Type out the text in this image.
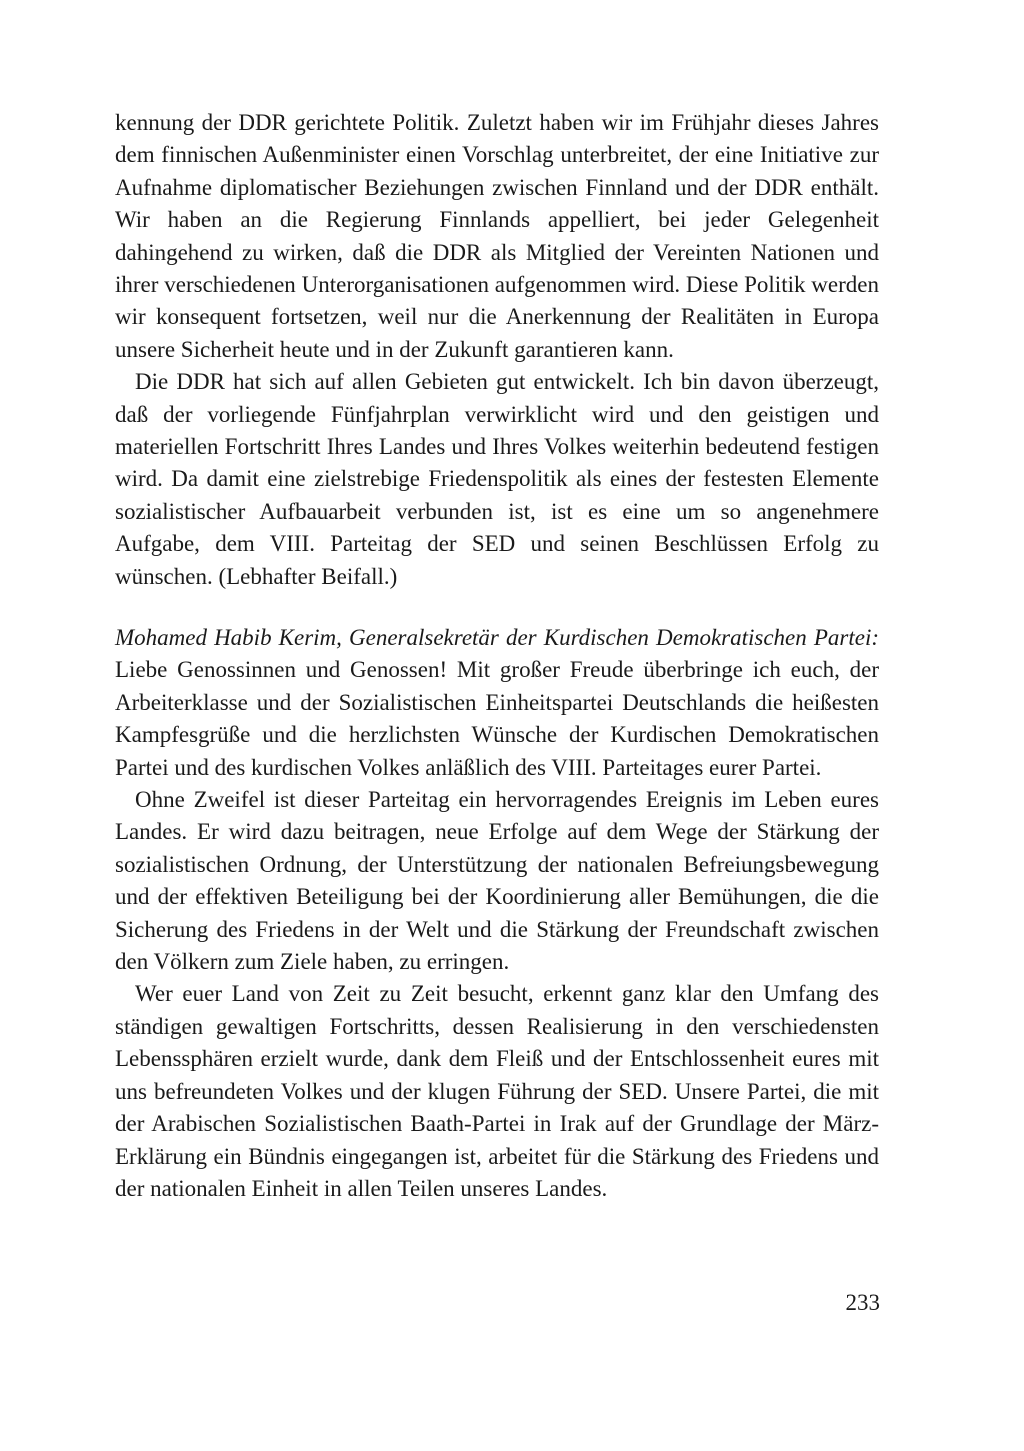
kennung der DDR gerichtete Politik. Zuletzt haben wir im Frühjahr dieses Jahres dem finnischen Außenminister einen Vorschlag unterbreitet, der eine Initiative zur Aufnahme diplomatischer Beziehungen zwischen Finnland und der DDR enthält. Wir haben an die Regierung Finnlands appelliert, bei jeder Gelegenheit dahingehend zu wirken, daß die DDR als Mitglied der Vereinten Nationen und ihrer verschiedenen Unterorganisationen aufgenommen wird. Diese Politik werden wir konsequent fortsetzen, weil nur die Anerkennung der Realitäten in Europa unsere Sicherheit heute und in der Zukunft garantieren kann.

Die DDR hat sich auf allen Gebieten gut entwickelt. Ich bin davon überzeugt, daß der vorliegende Fünfjahrplan verwirklicht wird und den geistigen und materiellen Fortschritt Ihres Landes und Ihres Volkes weiterhin bedeutend festigen wird. Da damit eine zielstrebige Friedenspolitik als eines der festesten Elemente sozialistischer Aufbauarbeit verbunden ist, ist es eine um so angenehmere Aufgabe, dem VIII. Parteitag der SED und seinen Beschlüssen Erfolg zu wünschen. (Lebhafter Beifall.)

Mohamed Habib Kerim, Generalsekretär der Kurdischen Demokratischen Partei: Liebe Genossinnen und Genossen! Mit großer Freude überbringe ich euch, der Arbeiterklasse und der Sozialistischen Einheitspartei Deutschlands die heißesten Kampfesgrüße und die herzlichsten Wünsche der Kurdischen Demokratischen Partei und des kurdischen Volkes anläßlich des VIII. Parteitages eurer Partei.

Ohne Zweifel ist dieser Parteitag ein hervorragendes Ereignis im Leben eures Landes. Er wird dazu beitragen, neue Erfolge auf dem Wege der Stärkung der sozialistischen Ordnung, der Unterstützung der nationalen Befreiungsbewegung und der effektiven Beteiligung bei der Koordinierung aller Bemühungen, die die Sicherung des Friedens in der Welt und die Stärkung der Freundschaft zwischen den Völkern zum Ziele haben, zu erringen.

Wer euer Land von Zeit zu Zeit besucht, erkennt ganz klar den Umfang des ständigen gewaltigen Fortschritts, dessen Realisierung in den verschiedensten Lebenssphären erzielt wurde, dank dem Fleiß und der Entschlossenheit eures mit uns befreundeten Volkes und der klugen Führung der SED. Unsere Partei, die mit der Arabischen Sozialistischen Baath-Partei in Irak auf der Grundlage der März-Erklärung ein Bündnis eingegangen ist, arbeitet für die Stärkung des Friedens und der nationalen Einheit in allen Teilen unseres Landes.

233
